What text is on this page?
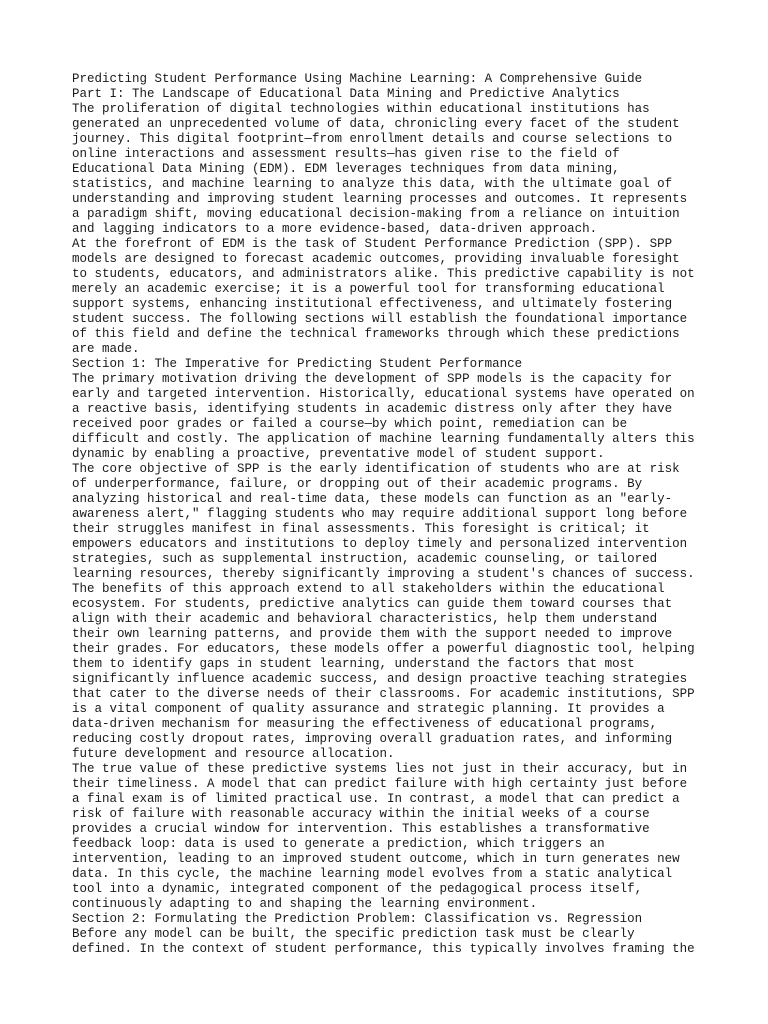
Predicting Student Performance Using Machine Learning: A Comprehensive Guide
Part I: The Landscape of Educational Data Mining and Predictive Analytics
The proliferation of digital technologies within educational institutions has
generated an unprecedented volume of data, chronicling every facet of the student
journey. This digital footprint—from enrollment details and course selections to
online interactions and assessment results—has given rise to the field of
Educational Data Mining (EDM). EDM leverages techniques from data mining,
statistics, and machine learning to analyze this data, with the ultimate goal of
understanding and improving student learning processes and outcomes. It represents
a paradigm shift, moving educational decision-making from a reliance on intuition
and lagging indicators to a more evidence-based, data-driven approach.
At the forefront of EDM is the task of Student Performance Prediction (SPP). SPP
models are designed to forecast academic outcomes, providing invaluable foresight
to students, educators, and administrators alike. This predictive capability is not
merely an academic exercise; it is a powerful tool for transforming educational
support systems, enhancing institutional effectiveness, and ultimately fostering
student success. The following sections will establish the foundational importance
of this field and define the technical frameworks through which these predictions
are made.
Section 1: The Imperative for Predicting Student Performance
The primary motivation driving the development of SPP models is the capacity for
early and targeted intervention. Historically, educational systems have operated on
a reactive basis, identifying students in academic distress only after they have
received poor grades or failed a course—by which point, remediation can be
difficult and costly. The application of machine learning fundamentally alters this
dynamic by enabling a proactive, preventative model of student support.
The core objective of SPP is the early identification of students who are at risk
of underperformance, failure, or dropping out of their academic programs. By
analyzing historical and real-time data, these models can function as an "early-
awareness alert," flagging students who may require additional support long before
their struggles manifest in final assessments. This foresight is critical; it
empowers educators and institutions to deploy timely and personalized intervention
strategies, such as supplemental instruction, academic counseling, or tailored
learning resources, thereby significantly improving a student's chances of success.
The benefits of this approach extend to all stakeholders within the educational
ecosystem. For students, predictive analytics can guide them toward courses that
align with their academic and behavioral characteristics, help them understand
their own learning patterns, and provide them with the support needed to improve
their grades. For educators, these models offer a powerful diagnostic tool, helping
them to identify gaps in student learning, understand the factors that most
significantly influence academic success, and design proactive teaching strategies
that cater to the diverse needs of their classrooms. For academic institutions, SPP
is a vital component of quality assurance and strategic planning. It provides a
data-driven mechanism for measuring the effectiveness of educational programs,
reducing costly dropout rates, improving overall graduation rates, and informing
future development and resource allocation.
The true value of these predictive systems lies not just in their accuracy, but in
their timeliness. A model that can predict failure with high certainty just before
a final exam is of limited practical use. In contrast, a model that can predict a
risk of failure with reasonable accuracy within the initial weeks of a course
provides a crucial window for intervention. This establishes a transformative
feedback loop: data is used to generate a prediction, which triggers an
intervention, leading to an improved student outcome, which in turn generates new
data. In this cycle, the machine learning model evolves from a static analytical
tool into a dynamic, integrated component of the pedagogical process itself,
continuously adapting to and shaping the learning environment.
Section 2: Formulating the Prediction Problem: Classification vs. Regression
Before any model can be built, the specific prediction task must be clearly
defined. In the context of student performance, this typically involves framing the
